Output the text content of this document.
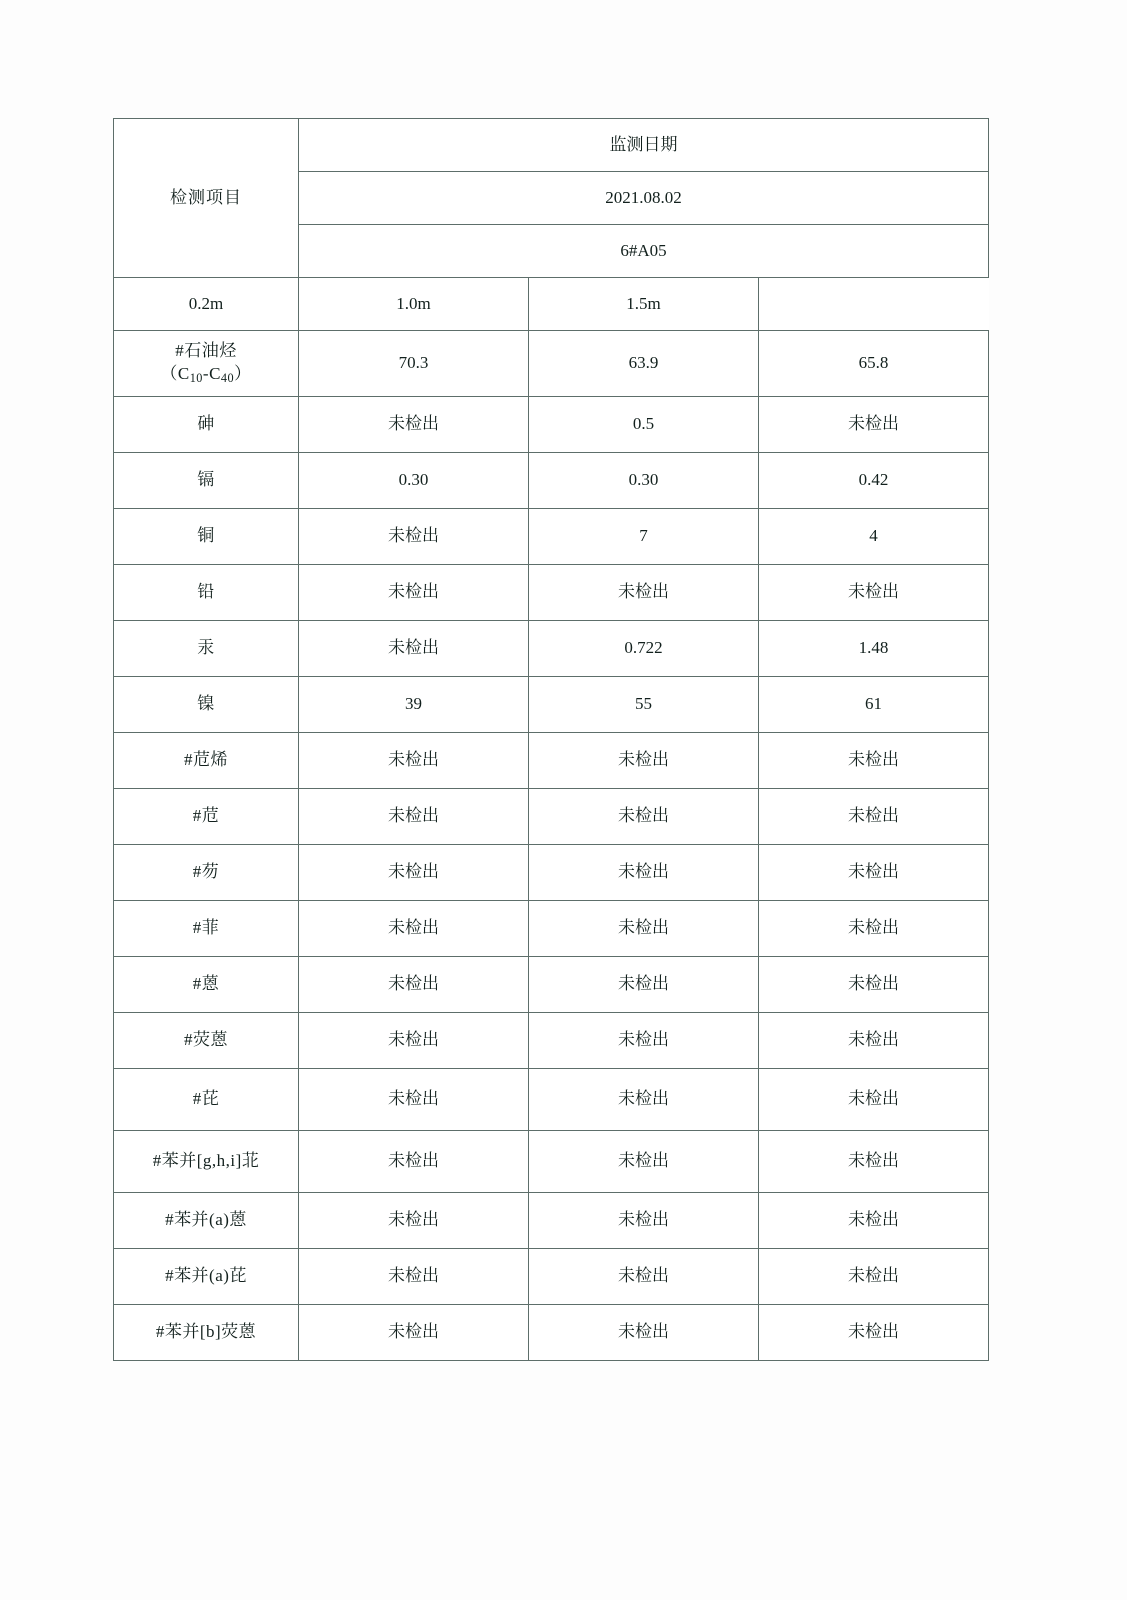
检测项目	监测日期		
	2021.08.02		
	6#A05		
0.2m	1.0m	1.5m	

#石油烃
$(C_{10}-C_{40})$	70.3	63.9	65.8
砷	未检出	0.5	未检出
镉	0.30	0.30	0.42
铜	未检出	7	4
铅	未检出	未检出	未检出
汞	未检出	0.722	1.48
镍	39	55	61
#苊烯	未检出	未检出	未检出
#苊	未检出	未检出	未检出
#芴	未检出	未检出	未检出
#菲	未检出	未检出	未检出
#蒽	未检出	未检出	未检出
#荧蒽	未检出	未检出	未检出
#芘	未检出	未检出	未检出
#苯并[g,h,i]苝	未检出	未检出	未检出
#苯并(a)蒽	未检出	未检出	未检出
#苯并(a)芘	未检出	未检出	未检出
#苯并[b]荧蒽	未检出	未检出	未检出
